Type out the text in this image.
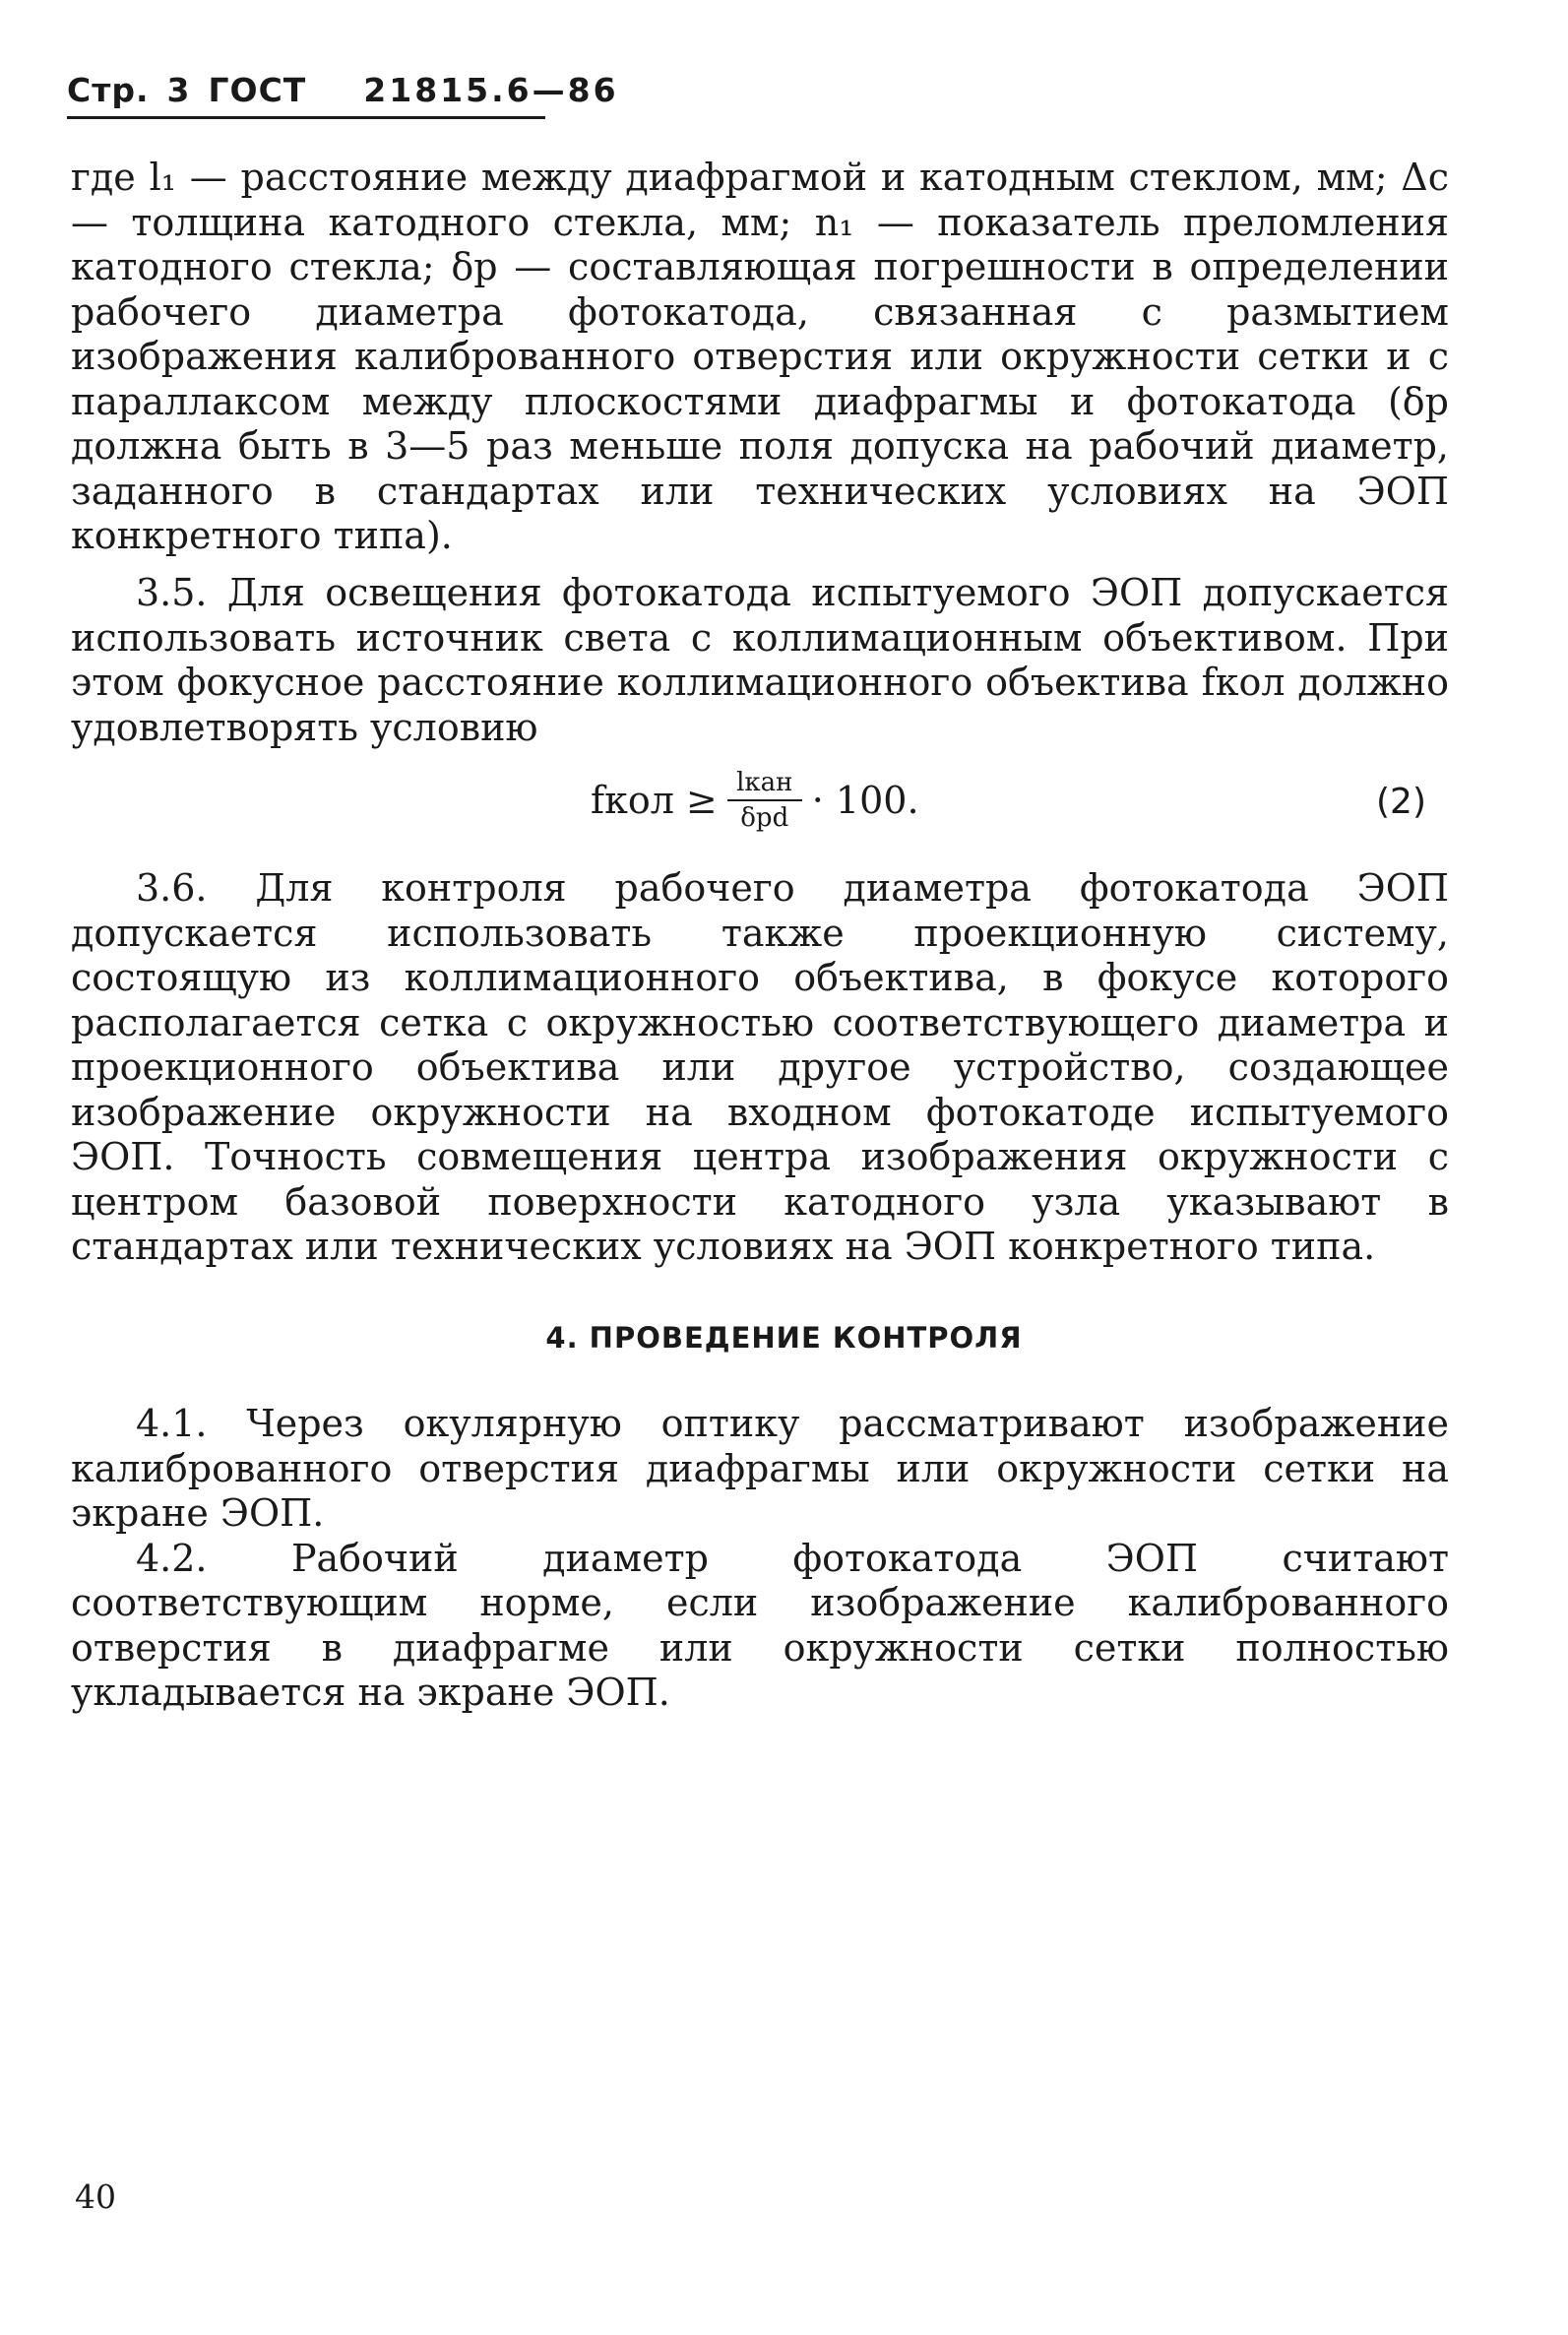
Стр. 3 ГОСТ 21815.6—86

где l₁ — расстояние между диафрагмой и катодным стеклом, мм; Δc — толщина катодного стекла, мм; n₁ — показатель преломления катодного стекла; δр — составляющая погрешности в определении рабочего диаметра фотокатода, связанная с размытием изображения калиброванного отверстия или окружности сетки и с параллаксом между плоскостями диафрагмы и фотокатода (δр должна быть в 3—5 раз меньше поля допуска на рабочий диаметр, заданного в стандартах или технических условиях на ЭОП конкретного типа).

3.5. Для освещения фотокатода испытуемого ЭОП допускается использовать источник света с коллимационным объективом. При этом фокусное расстояние коллимационного объектива fкол должно удовлетворять условию

fкол ≥ $\frac{\text{lкaн}}{\text{δрd}} \cdot 100$.	(2)

3.6. Для контроля рабочего диаметра фотокатода ЭОП допускается использовать также проекционную систему, состоящую из коллимационного объектива, в фокусе которого располагается сетка с окружностью соответствующего диаметра и проекционного объектива или другое устройство, создающее изображение окружности на входном фотокатоде испытуемого ЭОП. Точность совмещения центра изображения окружности с центром базовой поверхности катодного узла указывают в стандартах или технических условиях на ЭОП конкретного типа.

4. ПРОВЕДЕНИЕ КОНТРОЛЯ

4.1. Через окулярную оптику рассматривают изображение калиброванного отверстия диафрагмы или окружности сетки на экране ЭОП.

4.2. Рабочий диаметр фотокатода ЭОП считают соответствующим норме, если изображение калиброванного отверстия в диафрагме или окружности сетки полностью укладывается на экране ЭОП.

40
